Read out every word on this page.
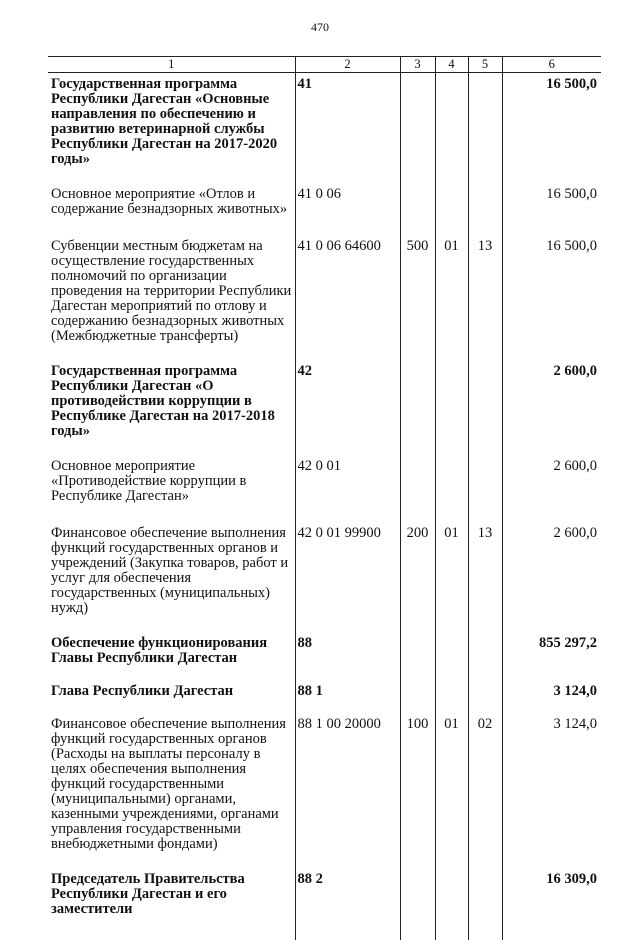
470
1	2	3	4	5	6
Государственная программа Республики Дагестан «Основные направления по обеспечению и развитию ветеринарной службы Республики Дагестан на 2017-2020 годы»	41				16 500,0
Основное мероприятие «Отлов и содержание безнадзорных животных»	41 0 06				16 500,0
Субвенции местным бюджетам на осуществление государственных полномочий по организации проведения на территории Республики Дагестан мероприятий по отлову и содержанию безнадзорных животных (Межбюджетные трансферты)	41 0 06 64600	500	01	13	16 500,0
Государственная программа Республики Дагестан «О противодействии коррупции в Республике Дагестан на 2017-2018 годы»	42				2 600,0
Основное мероприятие «Противодействие коррупции в Республике Дагестан»	42 0 01				2 600,0
Финансовое обеспечение выполнения функций государственных органов и учреждений (Закупка товаров, работ и услуг для обеспечения государственных (муниципальных) нужд)	42 0 01 99900	200	01	13	2 600,0
Обеспечение функционирования Главы Республики Дагестан	88				855 297,2
Глава Республики Дагестан	88 1				3 124,0
Финансовое обеспечение выполнения функций государственных органов (Расходы на выплаты персоналу в целях обеспечения выполнения функций государственными (муниципальными) органами, казенными учреждениями, органами управления государственными внебюджетными фондами)	88 1 00 20000	100	01	02	3 124,0
Председатель Правительства Республики Дагестан и его заместители	88 2				16 309,0
